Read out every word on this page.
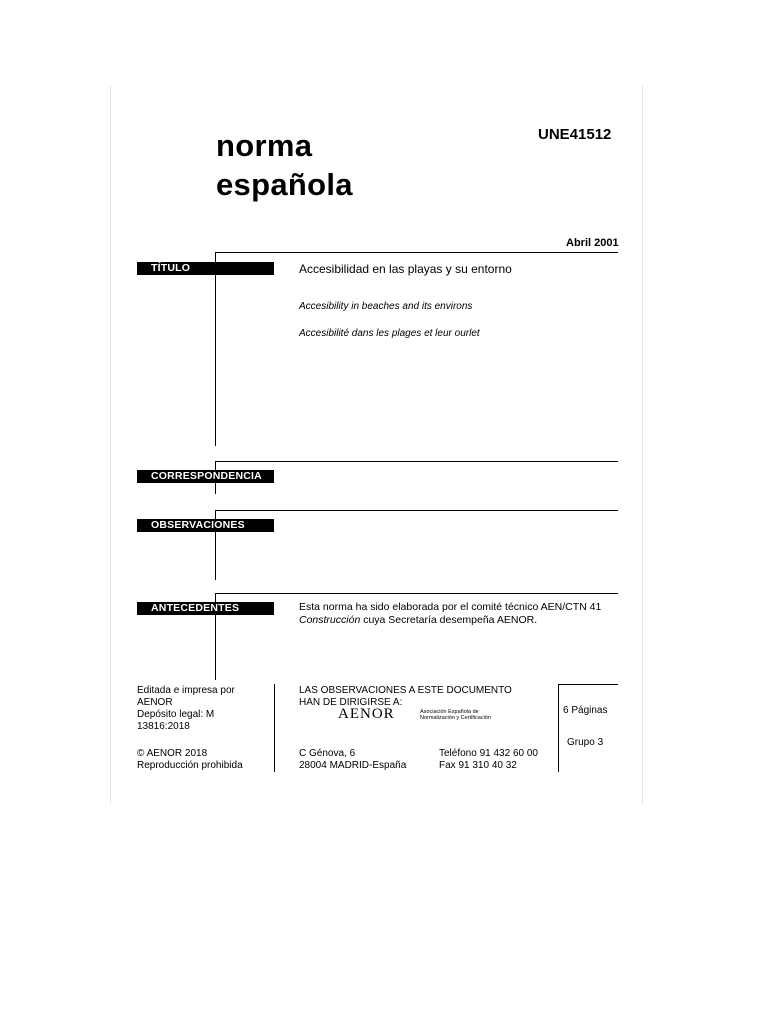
norma
española
UNE41512
Abril 2001
TÍTULO	Accesibilidad en las playas y su entorno
Accesibility in beaches and its environs
Accesibilité dans les plages et leur ourlet
CORRESPONDENCIA
OBSERVACIONES
ANTECEDENTES	Esta norma ha sido elaborada por el comité técnico AEN/CTN 41
Construcción cuya Secretaría desempeña AENOR.
Editada e impresa por
AENOR
Depósito legal: M
13816:2018
© AENOR 2018
Reproducción prohibida
LAS OBSERVACIONES A ESTE DOCUMENTO
HAN DE DIRIGIRSE A:
AENOR	Asociación Española de
Normalización y Certificación
C Génova, 6
28004 MADRID-España
Teléfono 91 432 60 00
Fax 91 310 40 32
6 Páginas
Grupo 3
